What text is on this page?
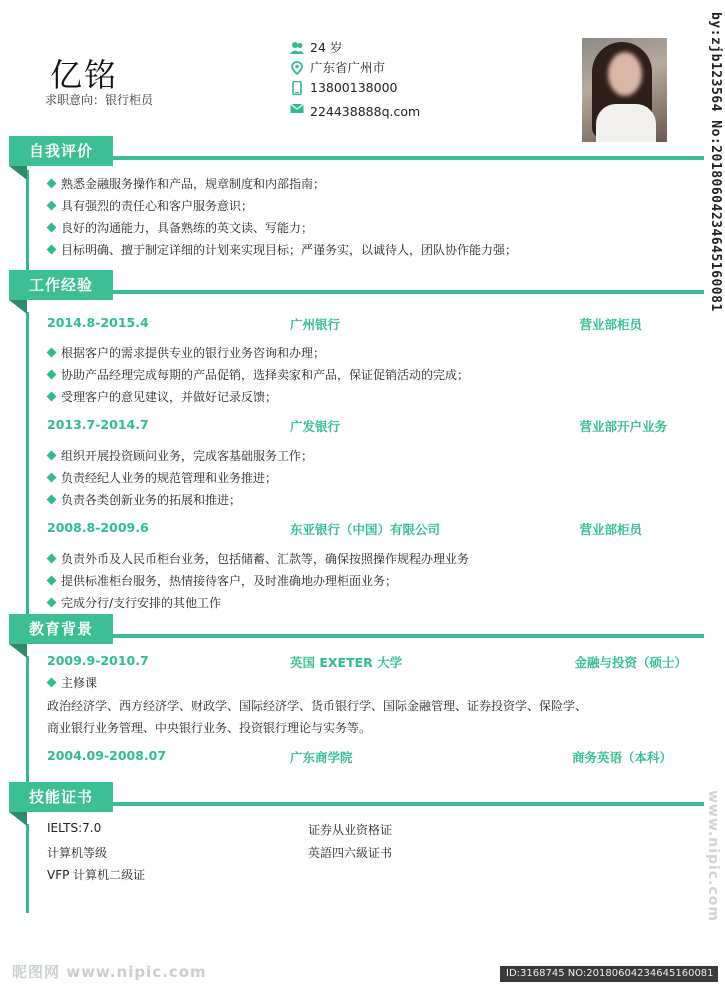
亿铭
求职意向：银行柜员
24 岁
广东省广州市
13800138000
224438888q.com	by:zjb123564 No:20180604234645160081
www.nipic.com
自我评价
熟悉金融服务操作和产品，规章制度和内部指南；
具有强烈的责任心和客户服务意识；
良好的沟通能力，具备熟练的英文读、写能力；
目标明确、擅于制定详细的计划来实现目标；严谨务实，以诚待人，团队协作能力强；
工作经验
2014.8-2015.4	广州银行	营业部柜员
根据客户的需求提供专业的银行业务咨询和办理；
协助产品经理完成每期的产品促销，选择卖家和产品，保证促销活动的完成；
受理客户的意见建议，并做好记录反馈；
2013.7-2014.7	广发银行	营业部开户业务
组织开展投资顾问业务，完成客基础服务工作；
负责经纪人业务的规范管理和业务推进；
负责各类创新业务的拓展和推进；
2008.8-2009.6	东亚银行（中国）有限公司	营业部柜员
负责外币及人民币柜台业务，包括储蓄、汇款等，确保按照操作规程办理业务
提供标准柜台服务，热情接待客户，及时准确地办理柜面业务；
完成分行/支行安排的其他工作
教育背景
2009.9-2010.7	英国 EXETER 大学	金融与投资（硕士）
主修课
政治经济学、西方经济学、财政学、国际经济学、货币银行学、国际金融管理、证券投资学、保险学、
商业银行业务管理、中央银行业务、投资银行理论与实务等。
2004.09-2008.07	广东商学院	商务英语（本科）
技能证书
IELTS:7.0
计算机等级
VFP 计算机二级证
证券从业资格证
英語四六級证书
昵图网 www.nipic.com	ID:3168745 NO:20180604234645160081
